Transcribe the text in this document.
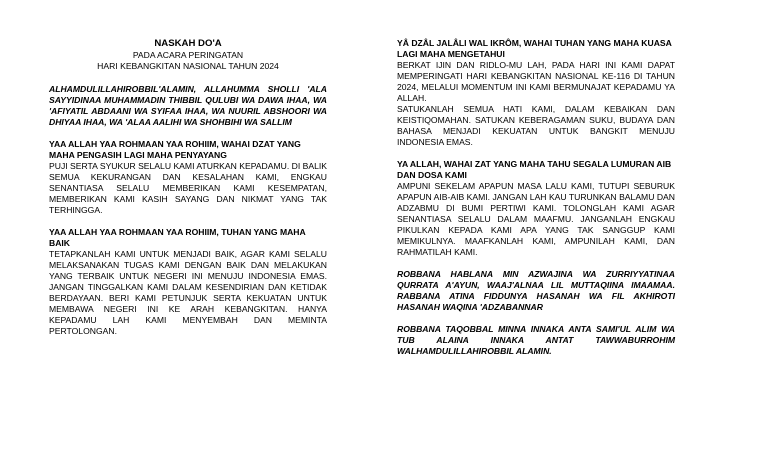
NASKAH DO'A
PADA ACARA PERINGATAN
HARI KEBANGKITAN NASIONAL TAHUN 2024
ALHAMDULILLAHIROBBIL'ALAMIN, ALLAHUMMA SHOLLI 'ALA SAYYIDINAA MUHAMMADIN THIBBIL QULUBI WA DAWA IHAA, WA 'AFIYATIL ABDAANI WA SYIFAA IHAA, WA NUURIL ABSHOORI WA DHIYAA IHAA, WA 'ALAA AALIHI WA SHOHBIHI WA SALLIM
YAA ALLAH YAA ROHMAAN YAA ROHIIM, WAHAI DZAT YANG MAHA PENGASIH LAGI MAHA PENYAYANG

PUJI SERTA SYUKUR SELALU KAMI ATURKAN KEPADAMU. DI BALIK SEMUA KEKURANGAN DAN KESALAHAN KAMI, ENGKAU SENANTIASA SELALU MEMBERIKAN KAMI KESEMPATAN, MEMBERIKAN KAMI KASIH SAYANG DAN NIKMAT YANG TAK TERHINGGA.

YAA ALLAH YAA ROHMAAN YAA ROHIIM, TUHAN YANG MAHA BAIK

TETAPKANLAH KAMI UNTUK MENJADI BAIK, AGAR KAMI SELALU MELAKSANAKAN TUGAS KAMI DENGAN BAIK DAN MELAKUKAN YANG TERBAIK UNTUK NEGERI INI MENUJU INDONESIA EMAS. JANGAN TINGGALKAN KAMI DALAM KESENDIRIAN DAN KETIDAK BERDAYAAN. BERI KAMI PETUNJUK SERTA KEKUATAN UNTUK MEMBAWA NEGERI INI KE ARAH KEBANGKITAN. HANYA KEPADAMU LAH KAMI MENYEMBAH DAN MEMINTA PERTOLONGAN.

YÂ DZÂL JALÂLI WAL IKRÔM, WAHAI TUHAN YANG MAHA KUASA LAGI MAHA MENGETAHUI

BERKAT IJIN DAN RIDLO-MU LAH, PADA HARI INI KAMI DAPAT MEMPERINGATI HARI KEBANGKITAN NASIONAL KE-116 DI TAHUN 2024, MELALUI MOMENTUM INI KAMI BERMUNAJAT KEPADAMU YA ALLAH.

SATUKANLAH SEMUA HATI KAMI, DALAM KEBAIKAN DAN KEISTIQOMAHAN. SATUKAN KEBERAGAMAN SUKU, BUDAYA DAN BAHASA MENJADI KEKUATAN UNTUK BANGKIT MENUJU INDONESIA EMAS.

YA ALLAH, WAHAI ZAT YANG MAHA TAHU SEGALA LUMURAN AIB DAN DOSA KAMI

AMPUNI SEKELAM APAPUN MASA LALU KAMI, TUTUPI SEBURUK APAPUN AIB-AIB KAMI. JANGAN LAH KAU TURUNKAN BALAMU DAN ADZABMU DI BUMI PERTIWI KAMI. TOLONGLAH KAMI AGAR SENANTIASA SELALU DALAM MAAFMU. JANGANLAH ENGKAU PIKULKAN KEPADA KAMI APA YANG TAK SANGGUP KAMI MEMIKULNYA. MAAFKANLAH KAMI, AMPUNILAH KAMI, DAN RAHMATILAH KAMI.

ROBBANA HABLANA MIN AZWAJINA WA ZURRIYYATINAA QURRATA A'AYUN, WAAJ'ALNAA LIL MUTTAQIINA IMAAMAA. RABBANA ATINA FIDDUNYA HASANAH WA FIL AKHIROTI HASANAH WAQINA 'ADZABANNAR
ROBBANA TAQOBBAL MINNA INNAKA ANTA SAMI'UL ALIM WA TUB ALAINA INNAKA ANTAT TAWWABURROHIM WALHAMDULILLAHIROBBIL ALAMIN.
